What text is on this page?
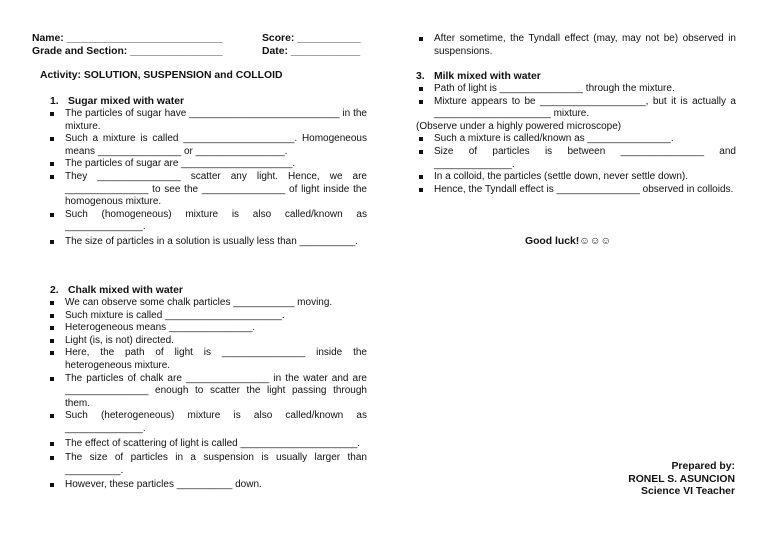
Name: ___________________________	Score: ___________
Grade and Section: ________________	Date: ____________
Activity: SOLUTION, SUSPENSION and COLLOID
1. Sugar mixed with water
The particles of sugar have ___________________________ in the mixture.
Such a mixture is called ____________________. Homogeneous means _______________ or ________________.
The particles of sugar are ____________________.
They _______________ scatter any light. Hence, we are _______________ to see the _______________ of light inside the homogenous mixture.
Such (homogeneous) mixture is also called/known as ______________.
The size of particles in a solution is usually less than __________.
2. Chalk mixed with water
We can observe some chalk particles ___________ moving.
Such mixture is called _____________________.
Heterogeneous means _______________.
Light (is, is not) directed.
Here, the path of light is _______________ inside the heterogeneous mixture.
The particles of chalk are _______________ in the water and are _______________ enough to scatter the light passing through them.
Such (heterogeneous) mixture is also called/known as ______________.
The effect of scattering of light is called _____________________.
The size of particles in a suspension is usually larger than __________.
However, these particles __________ down.
After sometime, the Tyndall effect (may, may not be) observed in suspensions.
3. Milk mixed with water
Path of light is _______________ through the mixture.
Mixture appears to be ___________________, but it is actually a _____________________ mixture.
(Observe under a highly powered microscope)
Such a mixture is called/known as _______________.
Size of particles is between _______________ and ______________.
In a colloid, the particles (settle down, never settle down).
Hence, the Tyndall effect is _______________ observed in colloids.
Good luck!☺☺☺
Prepared by:
RONEL S. ASUNCION
Science VI Teacher
